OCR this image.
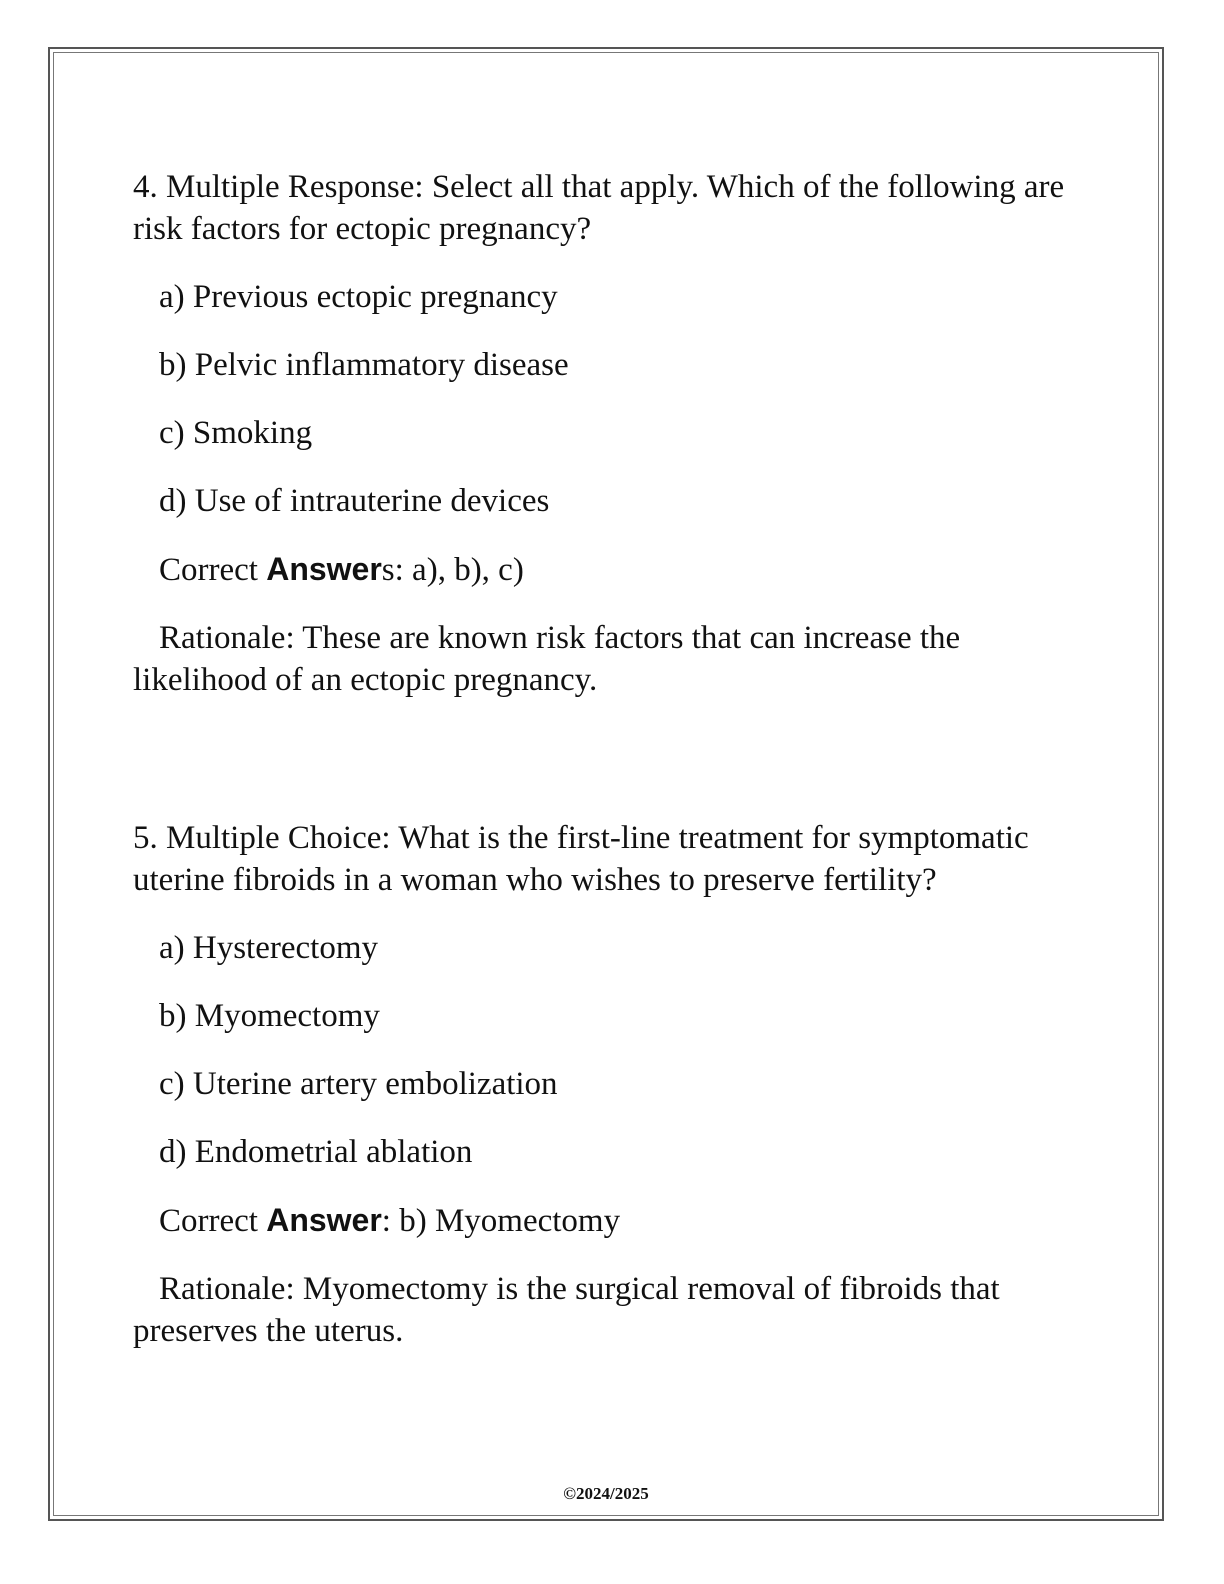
4. Multiple Response: Select all that apply. Which of the following are risk factors for ectopic pregnancy?

a) Previous ectopic pregnancy

b) Pelvic inflammatory disease

c) Smoking

d) Use of intrauterine devices

Correct Answers: a), b), c)

Rationale: These are known risk factors that can increase the likelihood of an ectopic pregnancy.

5. Multiple Choice: What is the first-line treatment for symptomatic uterine fibroids in a woman who wishes to preserve fertility?

a) Hysterectomy

b) Myomectomy

c) Uterine artery embolization

d) Endometrial ablation

Correct Answer: b) Myomectomy

Rationale: Myomectomy is the surgical removal of fibroids that preserves the uterus.

©2024/2025
